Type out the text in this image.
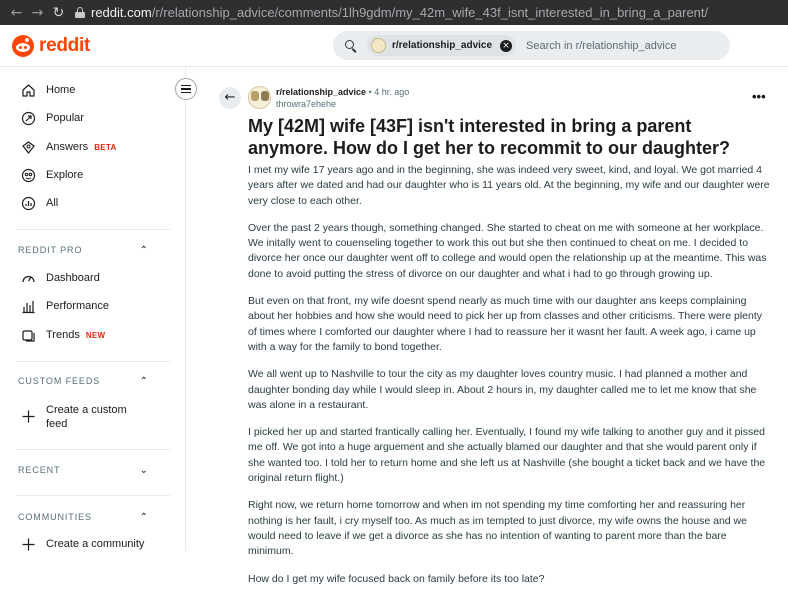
← → ↻	reddit.com /r/relationship_advice/comments/1lh9gdm/my_42m_wife_43f_isnt_interested_in_bring_a_parent/
reddit	r/relationship_advice × Search in r/relationship_advice
Home
Popular
Answers BETA
Explore
All
REDDIT PRO	⌃
Dashboard
Performance
Trends NEW
CUSTOM FEEDS	⌃
Create a custom feed
RECENT	⌄
COMMUNITIES	⌃
Create a community
←	r/relationship_advice • 4 hr. ago
throwra7ehehe	•••
My [42M] wife [43F] isn't interested in bring a parent anymore. How do I get her to recommit to our daughter?

I met my wife 17 years ago and in the beginning, she was indeed very sweet, kind, and loyal. We got married 4 years after we dated and had our daughter who is 11 years old. At the beginning, my wife and our daughter were very close to each other.

Over the past 2 years though, something changed. She started to cheat on me with someone at her workplace. We initally went to couenseling together to work this out but she then continued to cheat on me. I decided to divorce her once our daughter went off to college and would open the relationship up at the meantime. This was done to avoid putting the stress of divorce on our daughter and what i had to go through growing up.

But even on that front, my wife doesnt spend nearly as much time with our daughter ans keeps complaining about her hobbies and how she would need to pick her up from classes and other criticisms. There were plenty of times where I comforted our daughter where I had to reassure her it wasnt her fault. A week ago, i came up with a way for the family to bond together.

We all went up to Nashville to tour the city as my daughter loves country music. I had planned a mother and daughter bonding day while I would sleep in. About 2 hours in, my daughter called me to let me know that she was alone in a restaurant.

I picked her up and started frantically calling her. Eventually, I found my wife talking to another guy and it pissed me off. We got into a huge arguement and she actually blamed our daughter and that she would parent only if she wanted too. I told her to return home and she left us at Nashville (she bought a ticket back and we have the original return flight.)

Right now, we return home tomorrow and when im not spending my time comforting her and reassuring her nothing is her fault, i cry myself too. As much as im tempted to just divorce, my wife owns the house and we would need to leave if we get a divorce as she has no intention of wanting to parent more than the bare minimum.

How do I get my wife focused back on family before its too late?
